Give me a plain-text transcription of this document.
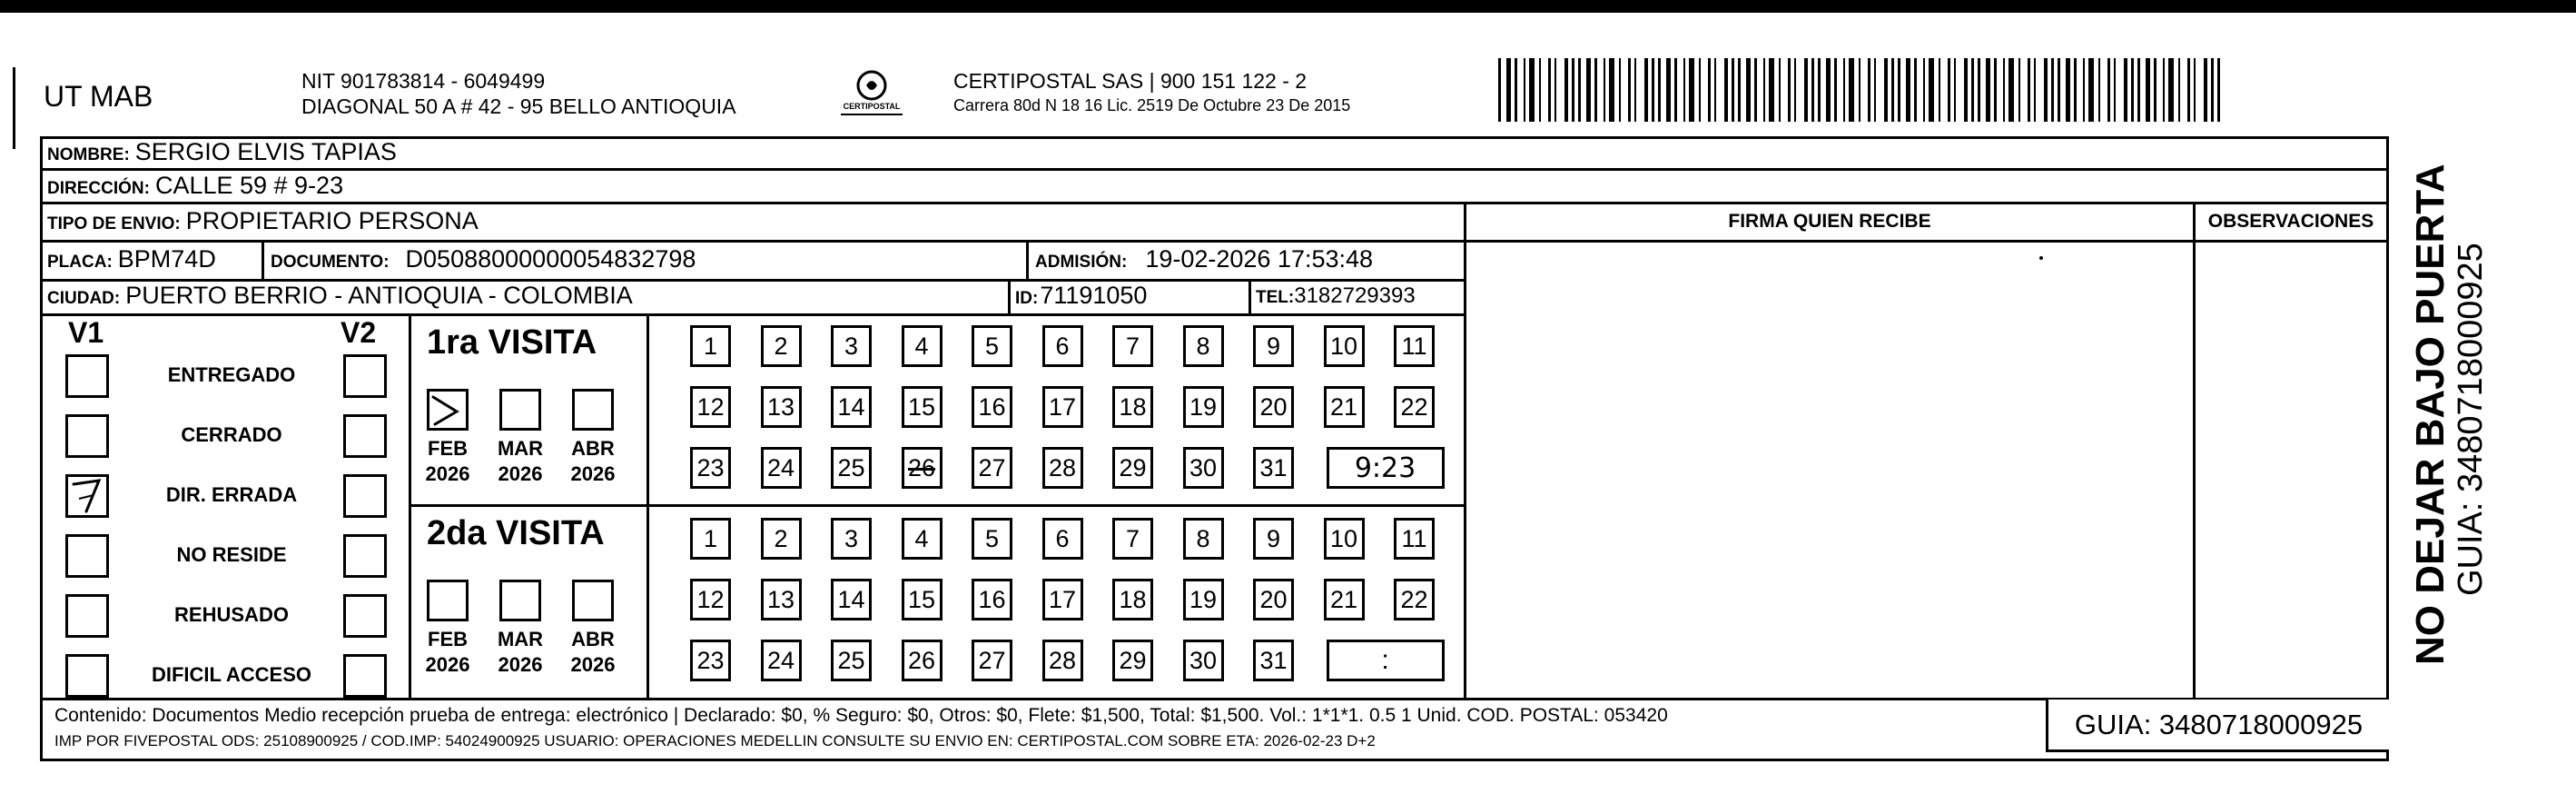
UT MAB	NIT 901783814 - 6049499
DIAGONAL 50 A # 42 - 95 BELLO ANTIOQUIA	CERTIPOSTAL
CERTIPOSTAL SAS | 900 151 122 - 2
Carrera 80d N 18 16 Lic. 2519 De Octubre 23 De 2015
NOMBRE: SERGIO ELVIS TAPIAS
DIRECCIÓN: CALLE 59 # 9-23
TIPO DE ENVIO: PROPIETARIO PERSONA	FIRMA QUIEN RECIBE	OBSERVACIONES
PLACA: BPM74D	DOCUMENTO: D05088000000054832798	ADMISIÓN: 19-02-2026 17:53:48
CIUDAD: PUERTO BERRIO - ANTIOQUIA - COLOMBIA	ID: 71191050	TEL: 3182729393
V1	V2
ENTREGADO
CERRADO
DIR. ERRADA
NO RESIDE
REHUSADO
DIFICIL ACCESO
1ra VISITA
FEB
2026
MAR
2026
ABR
2026
1	2	3	4	5	6	7	8	9	10	11
12 13 14 15 16 17 18 19 20 21 22
23 24 25 26 27 28 29 30 31	9:23
2da VISITA
FEB
2026
MAR
2026
ABR
2026
1	2	3	4	5	6	7	8	9	10	11
12 13 14 15 16 17 18 19 20 21 22
23 24 25 26 27 28 29 30 31	:
Contenido: Documentos Medio recepción prueba de entrega: electrónico | Declarado: $0, % Seguro: $0, Otros: $0, Flete: $1,500, Total: $1,500. Vol.: 1*1*1. 0.5 1 Unid. COD. POSTAL: 053420
IMP POR FIVEPOSTAL ODS: 25108900925 / COD.IMP: 54024900925 USUARIO: OPERACIONES MEDELLIN CONSULTE SU ENVIO EN: CERTIPOSTAL.COM SOBRE ETA: 2026-02-23 D+2
GUIA: 3480718000925
NO DEJAR BAJO PUERTA GUIA: 3480718000925
